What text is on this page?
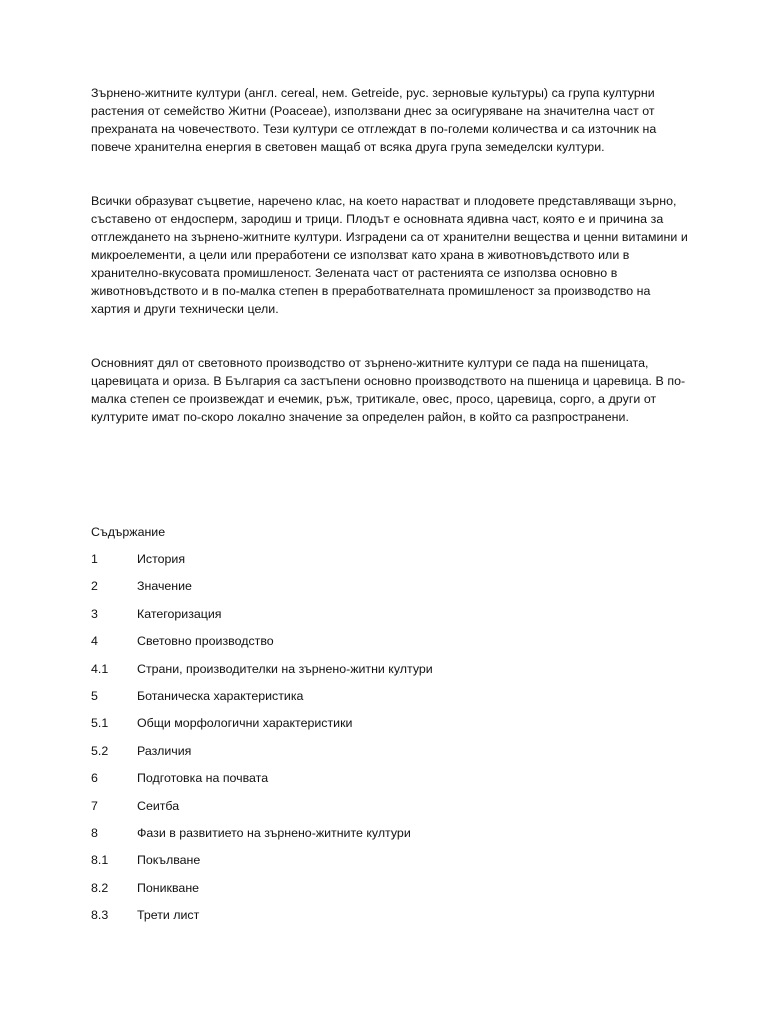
Зърнено-житните култури (англ. cereal, нем. Getreide, рус. зерновые культуры) са група културни растения от семейство Житни (Poaceae), използвани днес за осигуряване на значителна част от прехраната на човечеството. Тези култури се отглеждат в по-големи количества и са източник на повече хранителна енергия в световен мащаб от всяка друга група земеделски култури.

Всички образуват съцветие, наречено клас, на което нарастват и плодовете представляващи зърно, съставено от ендосперм, зародиш и трици. Плодът е основната ядивна част, която е и причина за отглеждането на зърнено-житните култури. Изградени са от хранителни вещества и ценни витамини и микроелементи, а цели или преработени се използват като храна в животновъдството или в хранително-вкусовата промишленост. Зелената част от растенията се използва основно в животновъдството и в по-малка степен в преработвателната промишленост за производство на хартия и други технически цели.

Основният дял от световното производство от зърнено-житните култури се пада на пшеницата, царевицата и ориза. В България са застъпени основно производството на пшеница и царевица. В по-малка степен се произвеждат и ечемик, ръж, тритикале, овес, просо, царевица, сорго, а други от културите имат по-скоро локално значение за определен район, в който са разпространени.

Съдържание

1	История
2	Значение
3	Категоризация
4	Световно производство
4.1	Страни, производителки на зърнено-житни култури
5	Ботаническа характеристика
5.1	Общи морфологични характеристики
5.2	Различия
6	Подготовка на почвата
7	Сеитба
8	Фази в развитието на зърнено-житните култури
8.1	Покълване
8.2	Поникване
8.3	Трети лист
